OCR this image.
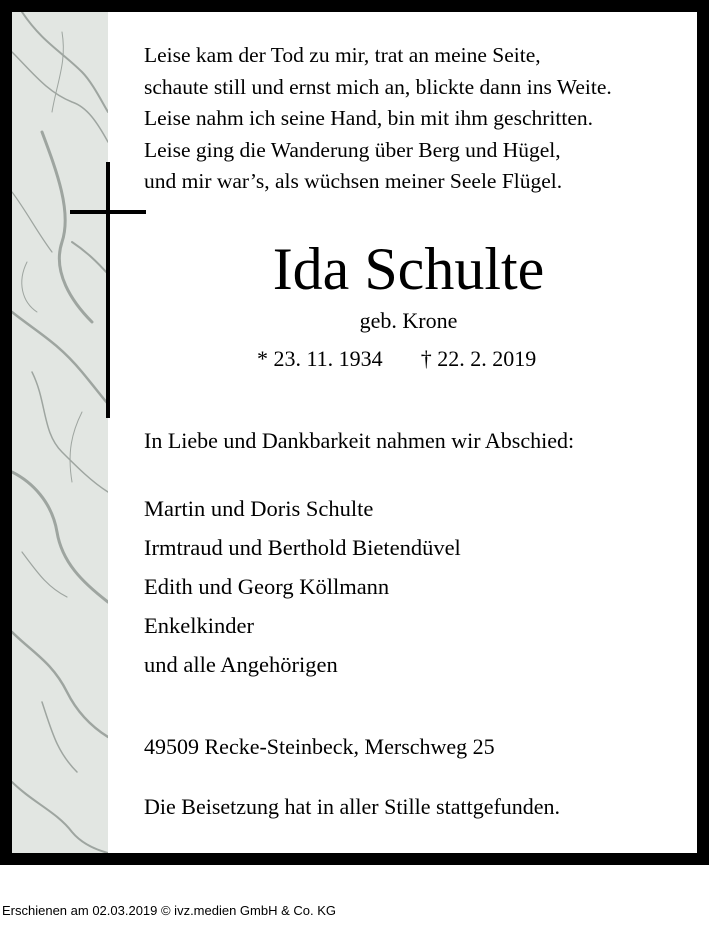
Leise kam der Tod zu mir, trat an meine Seite,
schaute still und ernst mich an, blickte dann ins Weite.
Leise nahm ich seine Hand, bin mit ihm geschritten.
Leise ging die Wanderung über Berg und Hügel,
und mir war’s, als wüchsen meiner Seele Flügel.
Ida Schulte
geb. Krone
* 23. 11. 1934 † 22. 2. 2019
In Liebe und Dankbarkeit nahmen wir Abschied:
Martin und Doris Schulte
Irmtraud und Berthold Bietendüvel
Edith und Georg Köllmann
Enkelkinder
und alle Angehörigen
49509 Recke-Steinbeck, Merschweg 25
Die Beisetzung hat in aller Stille stattgefunden.
Erschienen am 02.03.2019 © ivz.medien GmbH & Co. KG
